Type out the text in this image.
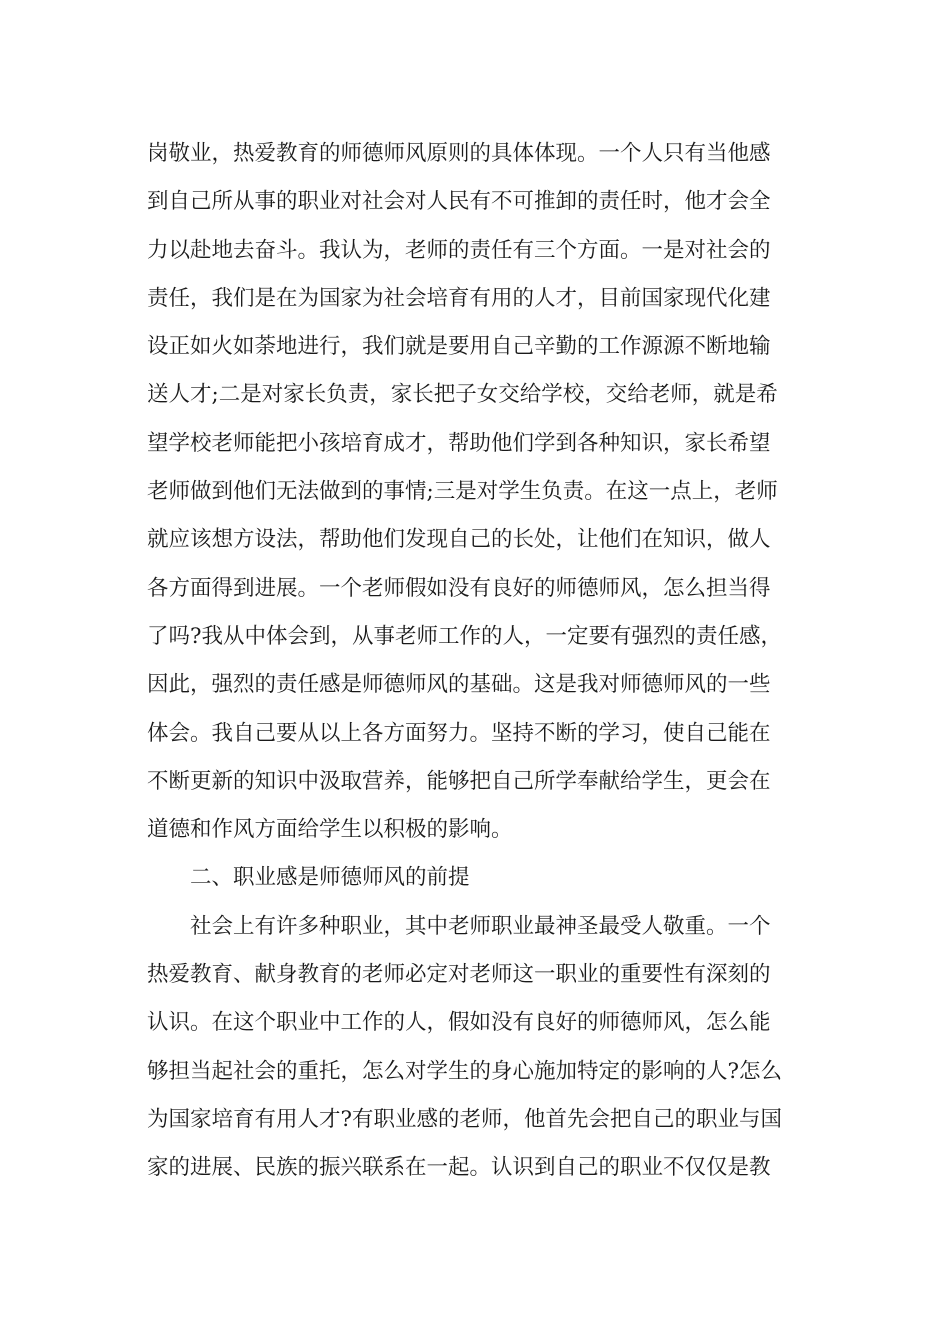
岗敬业，热爱教育的师德师风原则的具体体现。一个人只有当他感
到自己所从事的职业对社会对人民有不可推卸的责任时，他才会全
力以赴地去奋斗。我认为，老师的责任有三个方面。一是对社会的
责任，我们是在为国家为社会培育有用的人才，目前国家现代化建
设正如火如荼地进行，我们就是要用自己辛勤的工作源源不断地输
送人才;二是对家长负责，家长把子女交给学校，交给老师，就是希
望学校老师能把小孩培育成才，帮助他们学到各种知识，家长希望
老师做到他们无法做到的事情;三是对学生负责。在这一点上，老师
就应该想方设法，帮助他们发现自己的长处，让他们在知识，做人
各方面得到进展。一个老师假如没有良好的师德师风，怎么担当得
了吗?我从中体会到，从事老师工作的人，一定要有强烈的责任感，
因此，强烈的责任感是师德师风的基础。这是我对师德师风的一些
体会。我自己要从以上各方面努力。坚持不断的学习，使自己能在
不断更新的知识中汲取营养，能够把自己所学奉献给学生，更会在
道德和作风方面给学生以积极的影响。
二、职业感是师德师风的前提
社会上有许多种职业，其中老师职业最神圣最受人敬重。一个
热爱教育、献身教育的老师必定对老师这一职业的重要性有深刻的
认识。在这个职业中工作的人，假如没有良好的师德师风，怎么能
够担当起社会的重托，怎么对学生的身心施加特定的影响的人?怎么
为国家培育有用人才?有职业感的老师，他首先会把自己的职业与国
家的进展、民族的振兴联系在一起。认识到自己的职业不仅仅是教
